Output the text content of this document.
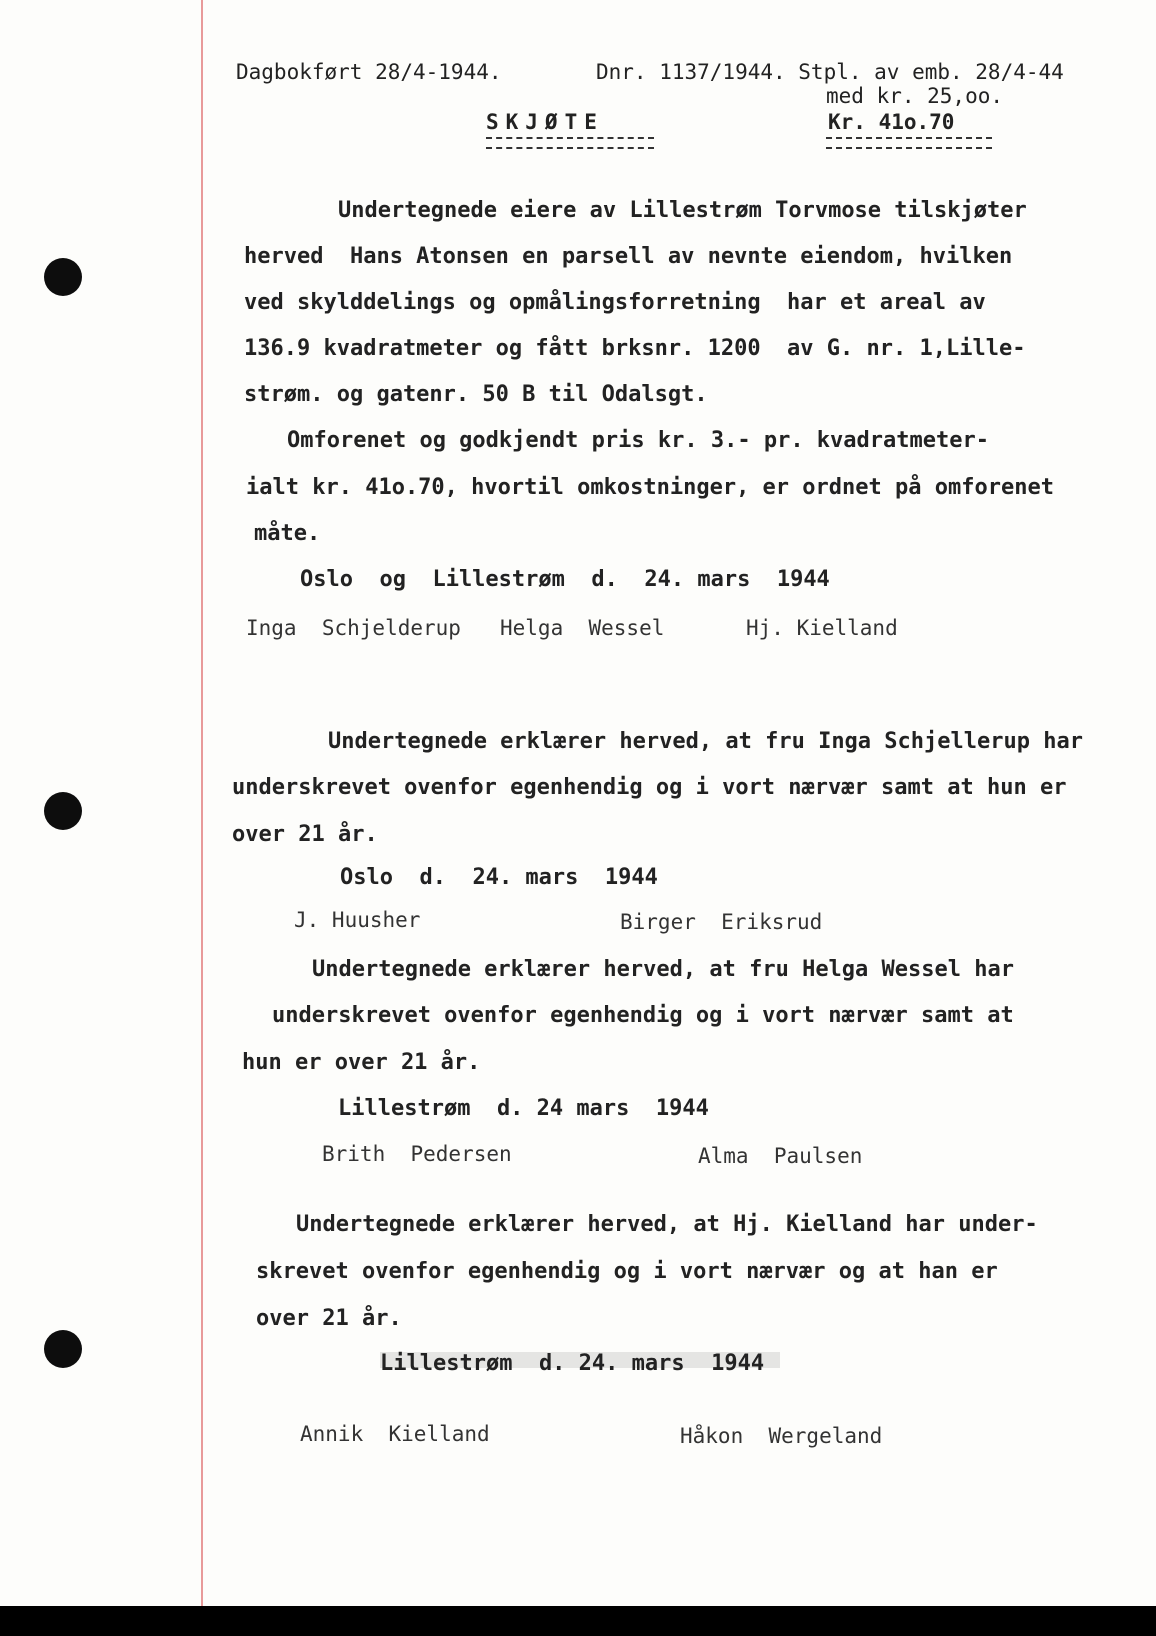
Dagbokført 28/4-1944.	Dnr. 1137/1944. Stpl. av emb. 28/4-44
med kr. 25,oo.
SKJØTE	Kr. 41o.70
Undertegnede eiere av Lillestrøm Torvmose tilskjøter
herved  Hans Atonsen en parsell av nevnte eiendom, hvilken
ved skylddelings og opmålingsforretning  har et areal av
136.9 kvadratmeter og fått brksnr. 1200  av G. nr. 1,Lille-
strøm. og gatenr. 50 B til Odalsgt.
Omforenet og godkjendt pris kr. 3.- pr. kvadratmeter-
ialt kr. 41o.70, hvortil omkostninger, er ordnet på omforenet
måte.
Oslo  og  Lillestrøm  d.  24. mars  1944
Inga  Schjelderup Helga  Wessel	Hj. Kielland
Undertegnede erklærer herved, at fru Inga Schjellerup har
underskrevet ovenfor egenhendig og i vort nærvær samt at hun er
over 21 år.
Oslo  d.  24. mars  1944
J. Huusher	Birger  Eriksrud
Undertegnede erklærer herved, at fru Helga Wessel har
underskrevet ovenfor egenhendig og i vort nærvær samt at
hun er over 21 år.
Lillestrøm  d. 24 mars  1944
Brith  Pedersen	Alma  Paulsen
Undertegnede erklærer herved, at Hj. Kielland har under-
skrevet ovenfor egenhendig og i vort nærvær og at han er
over 21 år.
Lillestrøm  d. 24. mars  1944
Annik  Kielland	Håkon  Wergeland
